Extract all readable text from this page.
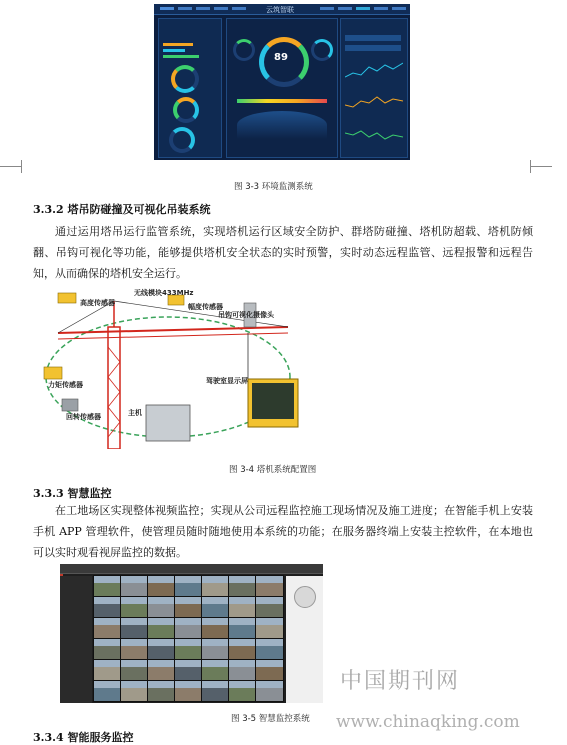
云筑智联
89
图 3-3 环境监测系统
3.3.2 塔吊防碰撞及可视化吊装系统
通过运用塔吊运行监管系统，实现塔机运行区域安全防护、群塔防碰撞、塔机防超载、塔机防倾翻、吊钩可视化等功能，能够提供塔机安全状态的实时预警，实时动态远程监管、远程报警和远程告知，从而确保的塔机安全运行。
高度传感器
无线模块433MHz
幅度传感器
吊钩可视化摄像头
力矩传感器
回转传感器	主机
驾驶室显示屏
图 3-4 塔机系统配置图
3.3.3 智慧监控
在工地场区实现整体视频监控；实现从公司远程监控施工现场情况及施工进度；在智能手机上安装手机 APP 管理软件，使管理员随时随地使用本系统的功能；在服务器终端上安装主控软件，在本地也可以实时观看视屏监控的数据。
图 3-5 智慧监控系统
3.3.4 智能服务监控
中国期刊网
www.chinaqking.com
